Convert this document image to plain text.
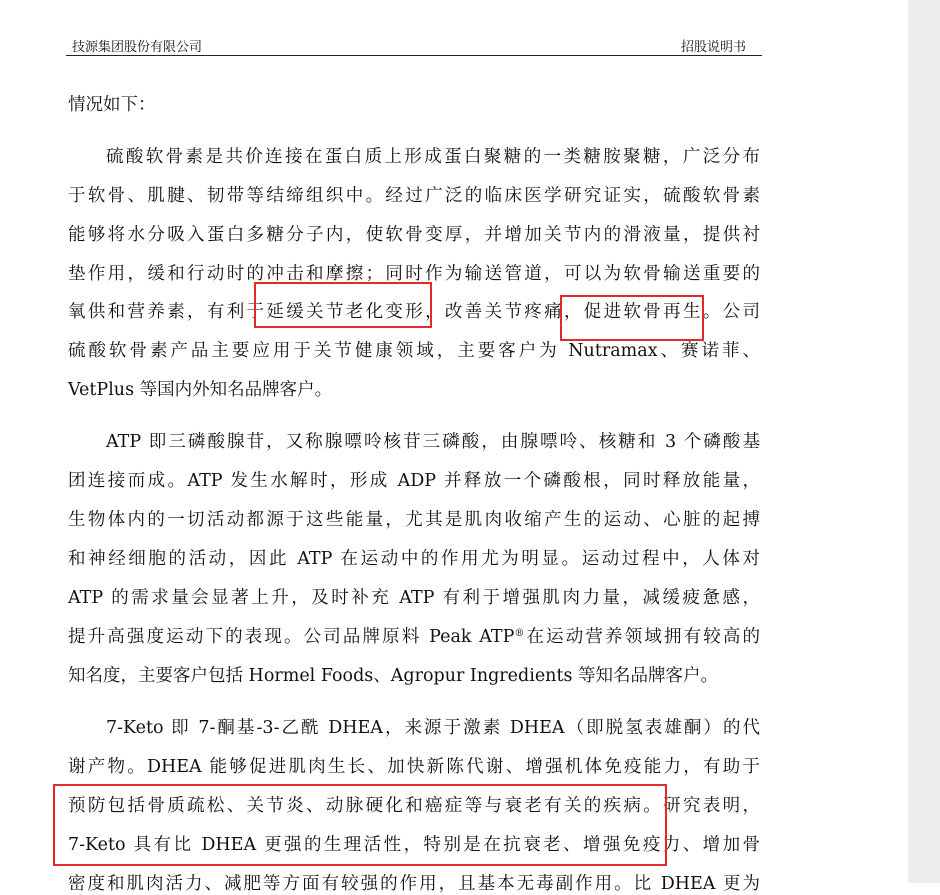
技源集团股份有限公司	招股说明书
情况如下：
硫酸软骨素是共价连接在蛋白质上形成蛋白聚糖的一类糖胺聚糖，广泛分布
于软骨、肌腱、韧带等结缔组织中。经过广泛的临床医学研究证实，硫酸软骨素
能够将水分吸入蛋白多糖分子内，使软骨变厚，并增加关节内的滑液量，提供衬
垫作用，缓和行动时的冲击和摩擦；同时作为输送管道，可以为软骨输送重要的
氧供和营养素，有利于延缓关节老化变形，改善关节疼痛，促进软骨再生。公司
硫酸软骨素产品主要应用于关节健康领域，主要客户为 Nutramax、赛诺菲、
VetPlus 等国内外知名品牌客户。
ATP 即三磷酸腺苷，又称腺嘌呤核苷三磷酸，由腺嘌呤、核糖和 3 个磷酸基
团连接而成。ATP 发生水解时，形成 ADP 并释放一个磷酸根，同时释放能量，
生物体内的一切活动都源于这些能量，尤其是肌肉收缩产生的运动、心脏的起搏
和神经细胞的活动，因此 ATP 在运动中的作用尤为明显。运动过程中，人体对
ATP 的需求量会显著上升，及时补充 ATP 有利于增强肌肉力量，减缓疲惫感，
提升高强度运动下的表现。公司品牌原料 Peak ATP®在运动营养领域拥有较高的
知名度，主要客户包括 Hormel Foods、Agropur Ingredients 等知名品牌客户。
7-Keto 即 7-酮基-3-乙酰 DHEA，来源于激素 DHEA（即脱氢表雄酮）的代
谢产物。DHEA 能够促进肌肉生长、加快新陈代谢、增强机体免疫能力，有助于
预防包括骨质疏松、关节炎、动脉硬化和癌症等与衰老有关的疾病。研究表明，
7-Keto 具有比 DHEA 更强的生理活性，特别是在抗衰老、增强免疫力、增加骨
密度和肌肉活力、减肥等方面有较强的作用，且基本无毒副作用。比 DHEA 更为
